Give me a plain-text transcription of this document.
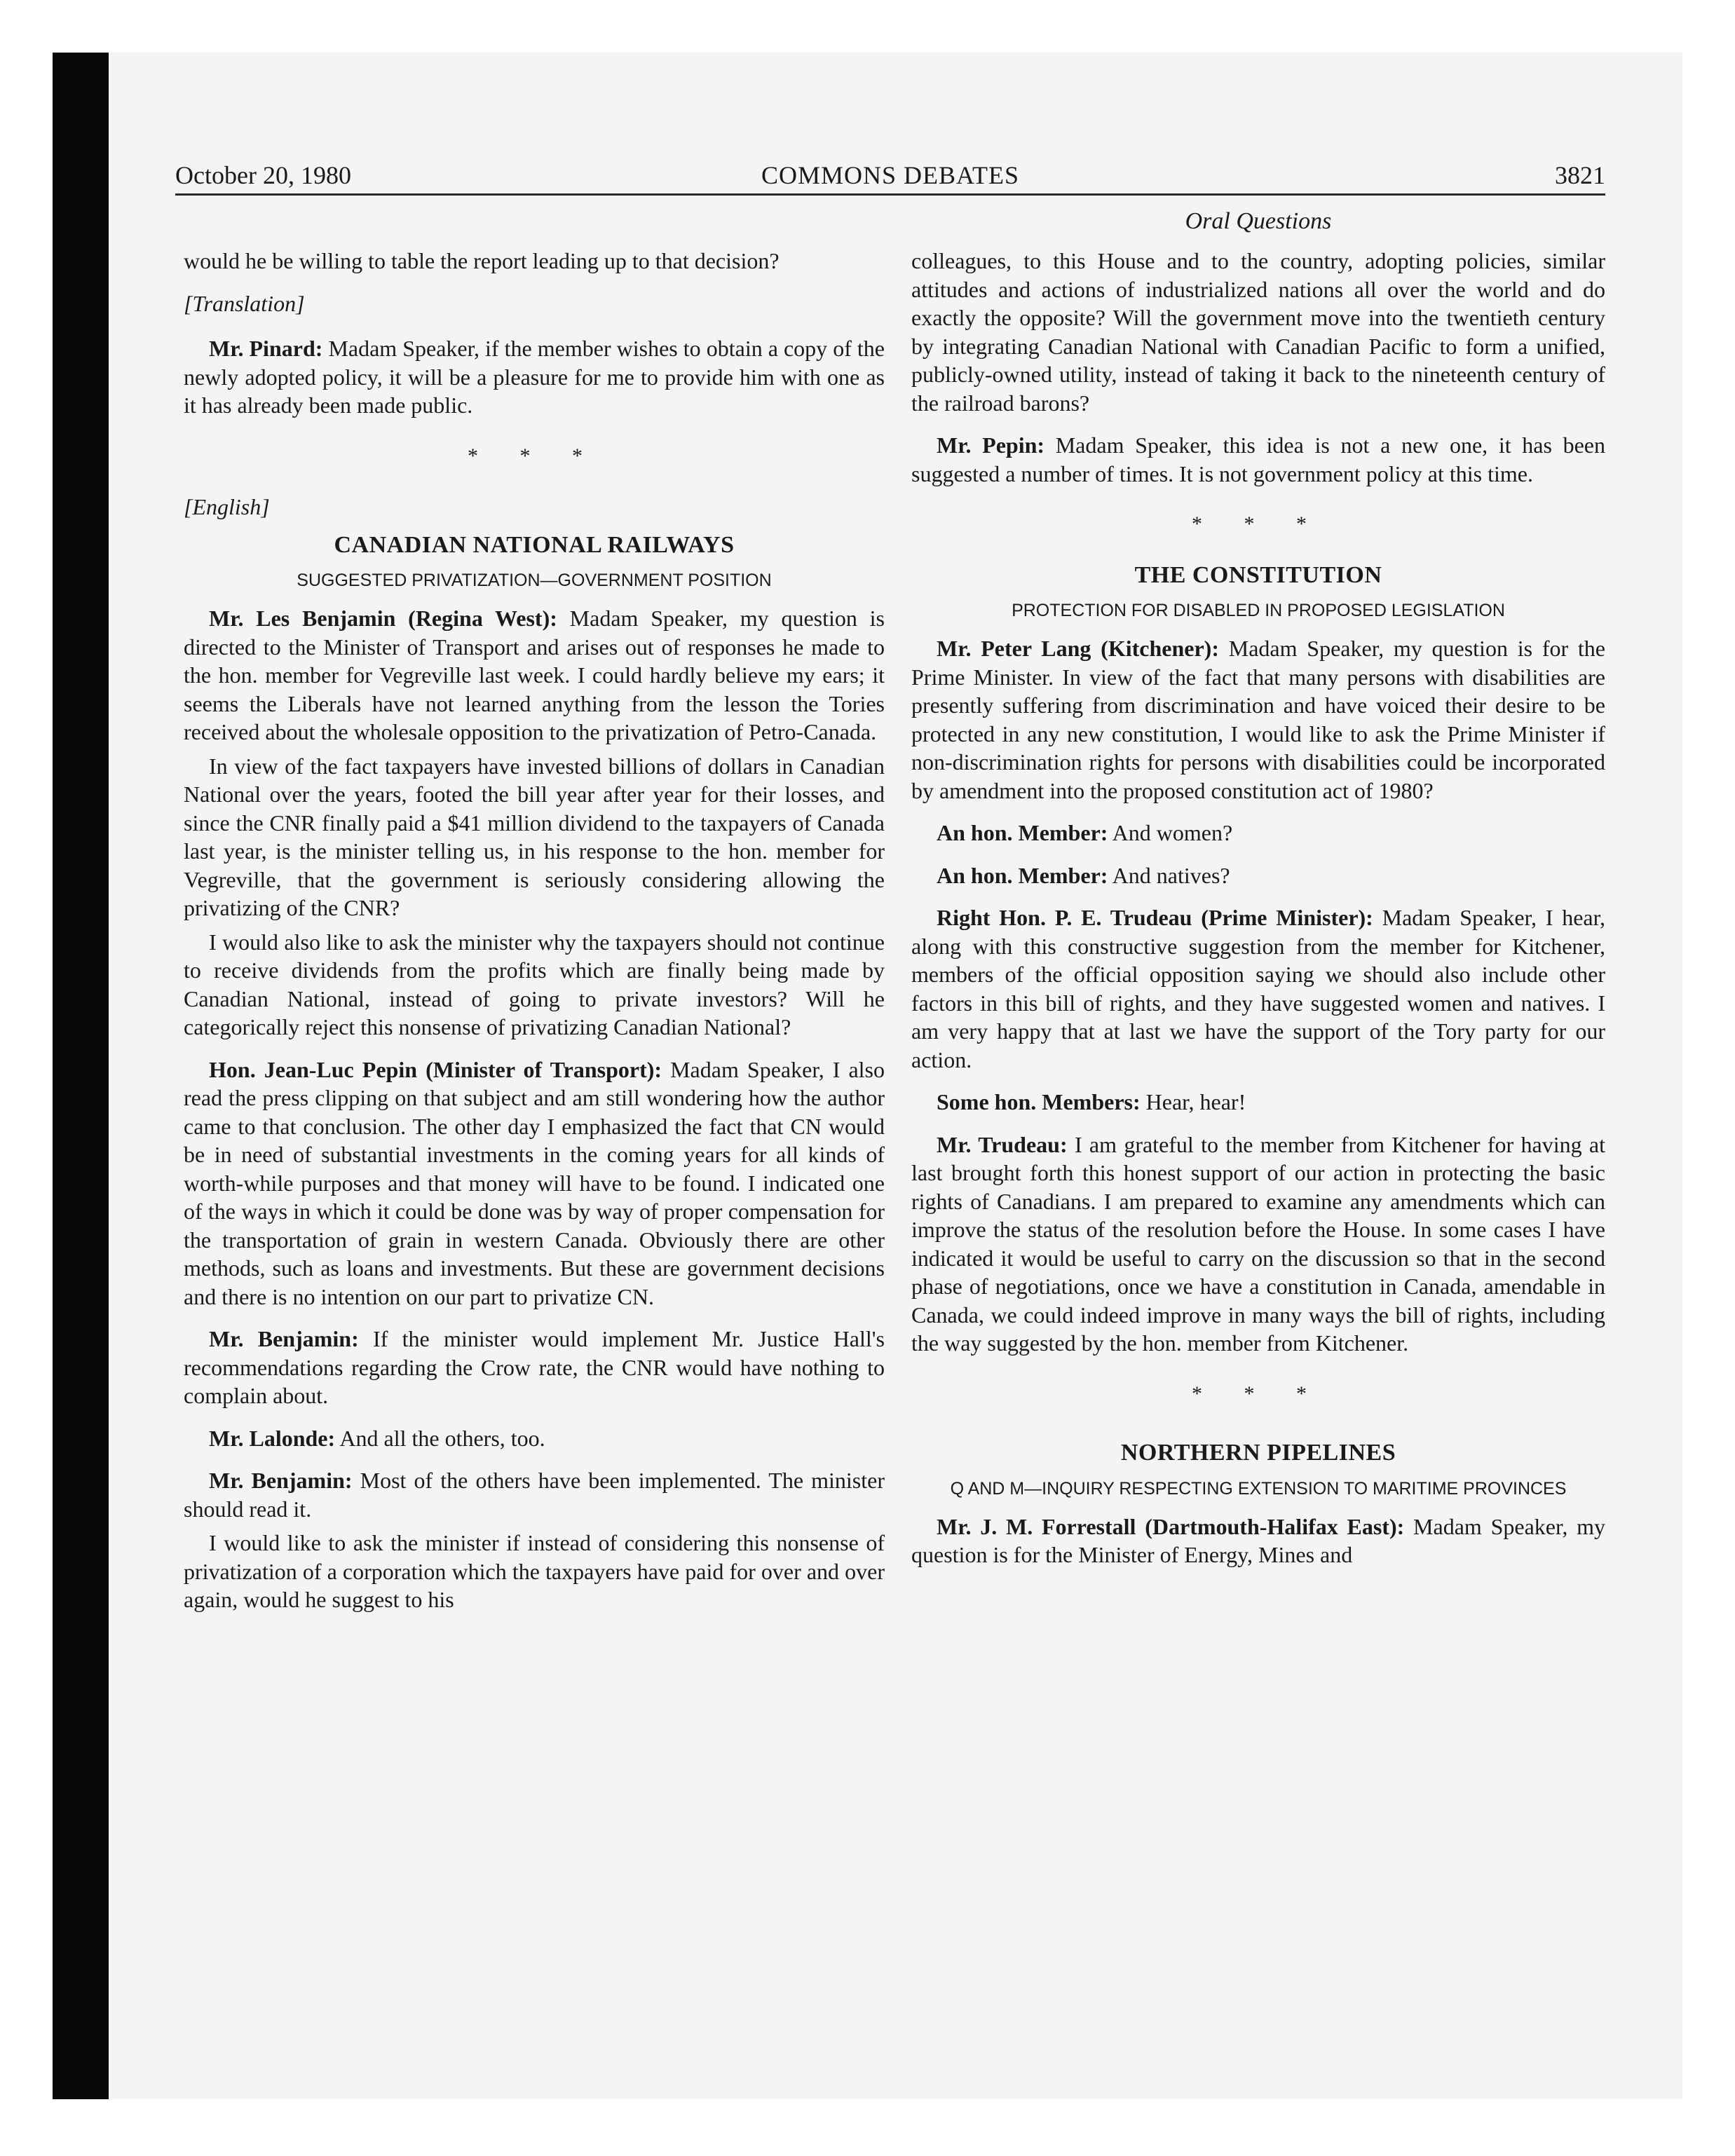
COMMONS DEBATES
October 20, 1980	3821
Oral Questions

would he be willing to table the report leading up to that decision?

[Translation]

Mr. Pinard: Madam Speaker, if the member wishes to obtain a copy of the newly adopted policy, it will be a pleasure for me to provide him with one as it has already been made public.

* * *
[English]
CANADIAN NATIONAL RAILWAYS
SUGGESTED PRIVATIZATION—GOVERNMENT POSITION

Mr. Les Benjamin (Regina West): Madam Speaker, my question is directed to the Minister of Transport and arises out of responses he made to the hon. member for Vegreville last week. I could hardly believe my ears; it seems the Liberals have not learned anything from the lesson the Tories received about the wholesale opposition to the privatization of Petro-Canada.

In view of the fact taxpayers have invested billions of dollars in Canadian National over the years, footed the bill year after year for their losses, and since the CNR finally paid a $41 million dividend to the taxpayers of Canada last year, is the minister telling us, in his response to the hon. member for Vegreville, that the government is seriously considering allowing the privatizing of the CNR?

I would also like to ask the minister why the taxpayers should not continue to receive dividends from the profits which are finally being made by Canadian National, instead of going to private investors? Will he categorically reject this nonsense of privatizing Canadian National?

Hon. Jean-Luc Pepin (Minister of Transport): Madam Speaker, I also read the press clipping on that subject and am still wondering how the author came to that conclusion. The other day I emphasized the fact that CN would be in need of substantial investments in the coming years for all kinds of worth-while purposes and that money will have to be found. I indicated one of the ways in which it could be done was by way of proper compensation for the transportation of grain in western Canada. Obviously there are other methods, such as loans and investments. But these are government decisions and there is no intention on our part to privatize CN.

Mr. Benjamin: If the minister would implement Mr. Justice Hall's recommendations regarding the Crow rate, the CNR would have nothing to complain about.

Mr. Lalonde: And all the others, too.

Mr. Benjamin: Most of the others have been implemented. The minister should read it.

I would like to ask the minister if instead of considering this nonsense of privatization of a corporation which the taxpayers have paid for over and over again, would he suggest to his

colleagues, to this House and to the country, adopting policies, similar attitudes and actions of industrialized nations all over the world and do exactly the opposite? Will the government move into the twentieth century by integrating Canadian National with Canadian Pacific to form a unified, publicly-owned utility, instead of taking it back to the nineteenth century of the railroad barons?

Mr. Pepin: Madam Speaker, this idea is not a new one, it has been suggested a number of times. It is not government policy at this time.

* * *
THE CONSTITUTION
PROTECTION FOR DISABLED IN PROPOSED LEGISLATION

Mr. Peter Lang (Kitchener): Madam Speaker, my question is for the Prime Minister. In view of the fact that many persons with disabilities are presently suffering from discrimination and have voiced their desire to be protected in any new constitution, I would like to ask the Prime Minister if non-discrimination rights for persons with disabilities could be incorporated by amendment into the proposed constitution act of 1980?

An hon. Member: And women?

An hon. Member: And natives?

Right Hon. P. E. Trudeau (Prime Minister): Madam Speaker, I hear, along with this constructive suggestion from the member for Kitchener, members of the official opposition saying we should also include other factors in this bill of rights, and they have suggested women and natives. I am very happy that at last we have the support of the Tory party for our action.

Some hon. Members: Hear, hear!

Mr. Trudeau: I am grateful to the member from Kitchener for having at last brought forth this honest support of our action in protecting the basic rights of Canadians. I am prepared to examine any amendments which can improve the status of the resolution before the House. In some cases I have indicated it would be useful to carry on the discussion so that in the second phase of negotiations, once we have a constitution in Canada, amendable in Canada, we could indeed improve in many ways the bill of rights, including the way suggested by the hon. member from Kitchener.

* * *
NORTHERN PIPELINES
Q AND M—INQUIRY RESPECTING EXTENSION TO MARITIME PROVINCES

Mr. J. M. Forrestall (Dartmouth-Halifax East): Madam Speaker, my question is for the Minister of Energy, Mines and
